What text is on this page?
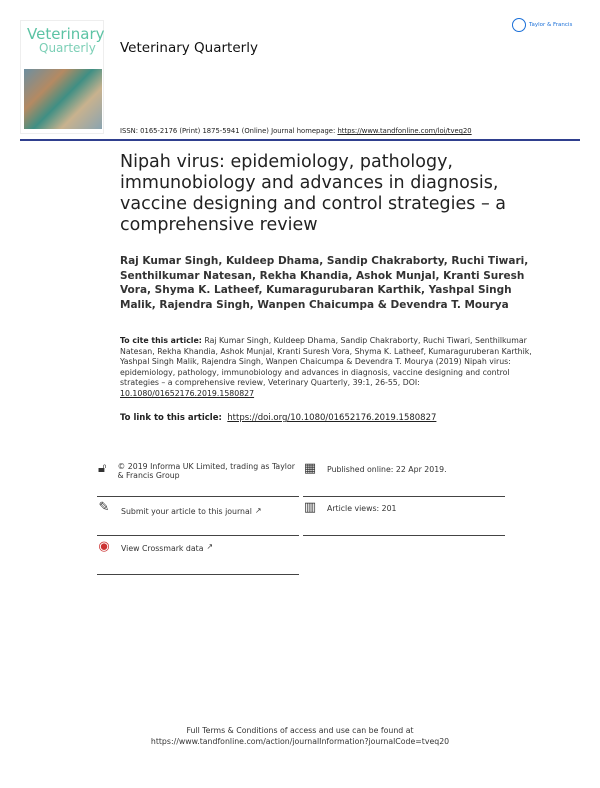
Veterinary
Quarterly Veterinary Quarterly
Taylor & Francis
ISSN: 0165-2176 (Print) 1875-5941 (Online) Journal homepage: https://www.tandfonline.com/loi/tveq20
Nipah virus: epidemiology, pathology, immunobiology and advances in diagnosis, vaccine designing and control strategies – a comprehensive review
Raj Kumar Singh, Kuldeep Dhama, Sandip Chakraborty, Ruchi Tiwari, Senthilkumar Natesan, Rekha Khandia, Ashok Munjal, Kranti Suresh Vora, Shyma K. Latheef, Kumaragurubaran Karthik, Yashpal Singh Malik, Rajendra Singh, Wanpen Chaicumpa & Devendra T. Mourya
To cite this article: Raj Kumar Singh, Kuldeep Dhama, Sandip Chakraborty, Ruchi Tiwari, Senthilkumar Natesan, Rekha Khandia, Ashok Munjal, Kranti Suresh Vora, Shyma K. Latheef, Kumaraguruberan Karthik, Yashpal Singh Malik, Rajendra Singh, Wanpen Chaicumpa & Devendra T. Mourya (2019) Nipah virus: epidemiology, pathology, immunobiology and advances in diagnosis, vaccine designing and control strategies – a comprehensive review, Veterinary Quarterly, 39:1, 26-55, DOI: 10.1080/01652176.2019.1580827
To link to this article: https://doi.org/10.1080/01652176.2019.1580827
🔓︎ © 2019 Informa UK Limited, trading as Taylor & Francis Group	▦ Published online: 22 Apr 2019.
✎ Submit your article to this journal ↗	▥ Article views: 201
◉ View Crossmark data ↗
Full Terms & Conditions of access and use can be found at
https://www.tandfonline.com/action/journalInformation?journalCode=tveq20
